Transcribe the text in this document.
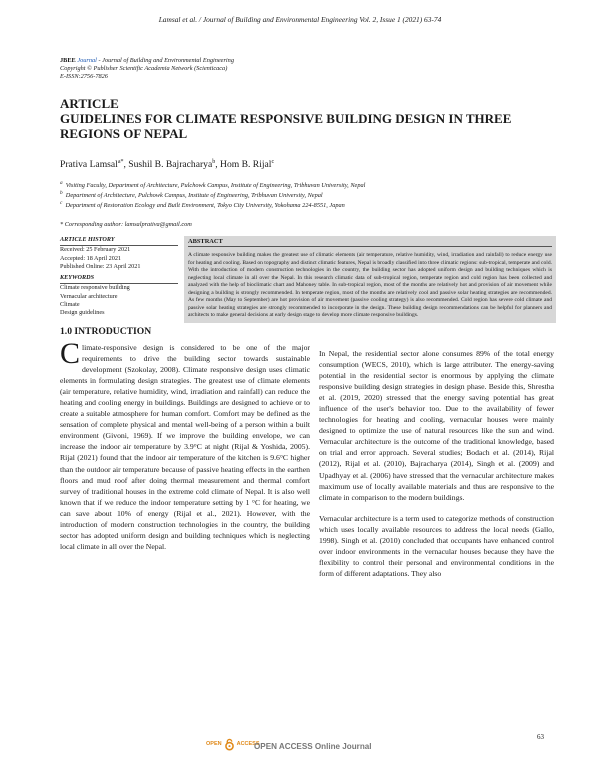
Lamsal et al. / Journal of Building and Environmental Engineering Vol. 2, Issue 1 (2021) 63-74
JBEE Journal - Journal of Building and Environmental Engineering
Copyright © Publisher Scientific Academia Network (Scienticaca)
E-ISSN:2756-7826
ARTICLE
GUIDELINES FOR CLIMATE RESPONSIVE BUILDING DESIGN IN THREE REGIONS OF NEPAL
Prativa Lamsal$^{a*}$, Sushil B. Bajracharya$^b$, Hom B. Rijal$^c$
$^a$ Visiting Faculty, Department of Architecture, Pulchowk Campus, Institute of Engineering, Tribhuvan University, Nepal
$^b$ Department of Architecture, Pulchowk Campus, Institute of Engineering, Tribhuvan University, Nepal
$^c$ Department of Restoration Ecology and Built Environment, Tokyo City University, Yokohama 224-8551, Japan
* Corresponding author: lamsalprativa@gmail.com
ARTICLE HISTORY
Received: 25 February 2021
Accepted: 18 April 2021
Published Online: 23 April 2021
KEYWORDS
Climate responsive building
Vernacular architecture
Climate
Design guidelines
ABSTRACT
A climate responsive building makes the greatest use of climatic elements (air temperature, relative humidity, wind, irradiation and rainfall) to reduce energy use for heating and cooling. Based on topography and distinct climatic features, Nepal is broadly classified into three climatic regions: sub-tropical, temperate and cold. With the introduction of modern construction technologies in the country, the building sector has adopted uniform design and building techniques which is neglecting local climate in all over the Nepal. In this research climatic data of sub-tropical region, temperate region and cold region has been collected and analyzed with the help of bioclimatic chart and Mahoney table. In sub-tropical region, most of the months are relatively hot and provision of air movement while designing a building is strongly recommended. In temperate region, most of the months are relatively cool and passive solar heating strategies are recommended. As few months (May to September) are hot provision of air movement (passive cooling strategy) is also recommended. Cold region has severe cold climate and passive solar heating strategies are strongly recommended to incorporate in the design. These building design recommendations can be helpful for planners and architects to make general decisions at early design stage to develop more climate responsive buildings.
1.0 INTRODUCTION
Climate-responsive design is considered to be one of the major requirements to drive the building sector towards sustainable development (Szokolay, 2008). Climate responsive design uses climatic elements in formulating design strategies. The greatest use of climate elements (air temperature, relative humidity, wind, irradiation and rainfall) can reduce the heating and cooling energy in buildings. Buildings are designed to achieve or to create a suitable atmosphere for human comfort. Comfort may be defined as the sensation of complete physical and mental well-being of a person within a built environment (Givoni, 1969). If we improve the building envelope, we can increase the indoor air temperature by 3.9°C at night (Rijal & Yoshida, 2005). Rijal (2021) found that the indoor air temperature of the kitchen is 9.6°C higher than the outdoor air temperature because of passive heating effects in the earthen floors and mud roof after doing thermal measurement and thermal comfort survey of traditional houses in the extreme cold climate of Nepal. It is also well known that if we reduce the indoor temperature setting by 1 °C for heating, we can save about 10% of energy (Rijal et al., 2021). However, with the introduction of modern construction technologies in the country, the building sector has adopted uniform design and building techniques which is neglecting local climate in all over the Nepal.

In Nepal, the residential sector alone consumes 89% of the total energy consumption (WECS, 2010), which is large attributer. The energy-saving potential in the residential sector is enormous by applying the climate responsive building design strategies in design phase. Beside this, Shrestha et al. (2019, 2020) stressed that the energy saving potential has great influence of the user's behavior too. Due to the availability of fewer technologies for heating and cooling, vernacular houses were mainly designed to optimize the use of natural resources like the sun and wind. Vernacular architecture is the outcome of the traditional knowledge, based on trial and error approach. Several studies; Bodach et al. (2014), Rijal (2012), Rijal et al. (2010), Bajracharya (2014), Singh et al. (2009) and Upadhyay et al. (2006) have stressed that the vernacular architecture makes maximum use of locally available materials and thus are responsive to the climate in comparison to the modern buildings.

Vernacular architecture is a term used to categorize methods of construction which uses locally available resources to address the local needs (Gallo, 1998). Singh et al. (2010) concluded that occupants have enhanced control over indoor environments in the vernacular houses because they have the flexibility to control their personal and environmental conditions in the form of different adaptations. They also

OPEN	ACCESS
OPEN ACCESS Online Journal
63
